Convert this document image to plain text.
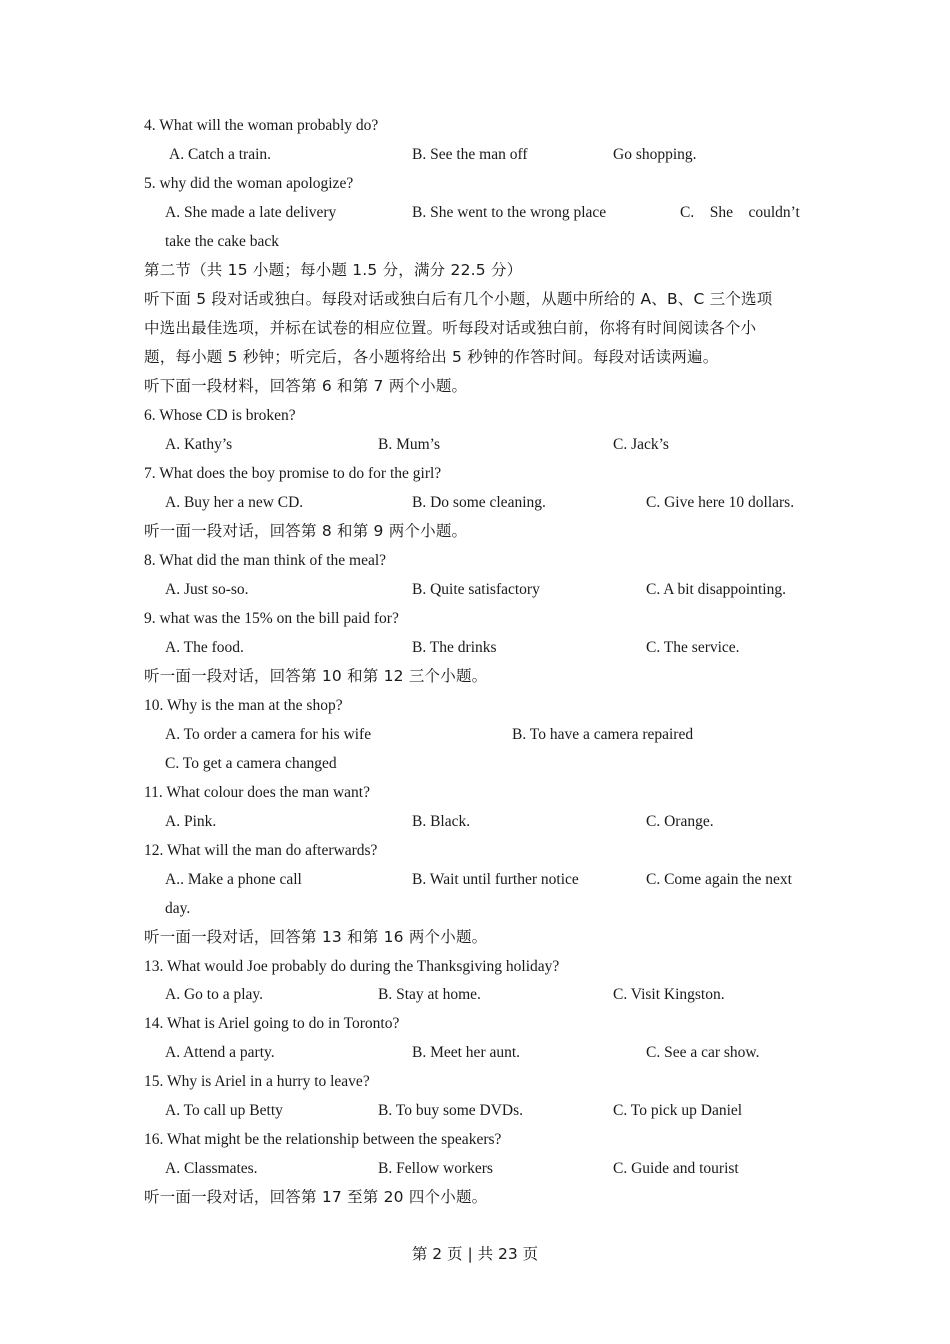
4. What will the woman probably do?
A. Catch a train.	B. See the man off	Go shopping.
5. why did the woman apologize?
A. She made a late delivery	B. She went to the wrong place	C.    She    couldn’t
take the cake back
第二节（共 15 小题；每小题 1.5 分，满分 22.5 分）
听下面 5 段对话或独白。每段对话或独白后有几个小题，从题中所给的 A、B、C 三个选项
中选出最佳选项，并标在试卷的相应位置。听每段对话或独白前，你将有时间阅读各个小
题，每小题 5 秒钟；听完后，各小题将给出 5 秒钟的作答时间。每段对话读两遍。
听下面一段材料，回答第 6 和第 7 两个小题。
6. Whose CD is broken?
A. Kathy’s	B. Mum’s	C. Jack’s
7. What does the boy promise to do for the girl?
A. Buy her a new CD.	B. Do some cleaning.	C. Give here 10 dollars.
听一面一段对话，回答第 8 和第 9 两个小题。
8. What did the man think of the meal?
A. Just so-so.	B. Quite satisfactory	C. A bit disappointing.
9. what was the 15% on the bill paid for?
A. The food.	B. The drinks	C. The service.
听一面一段对话，回答第 10 和第 12 三个小题。
10. Why is the man at the shop?
A. To order a camera for his wife	B. To have a camera repaired
C. To get a camera changed
11. What colour does the man want?
A. Pink.	B. Black.	C. Orange.
12. What will the man do afterwards?
A.. Make a phone call	B. Wait until further notice	C. Come again the next
day.
听一面一段对话，回答第 13 和第 16 两个小题。
13. What would Joe probably do during the Thanksgiving holiday?
A. Go to a play.	B. Stay at home.	C. Visit Kingston.
14. What is Ariel going to do in Toronto?
A. Attend a party.	B. Meet her aunt.	C. See a car show.
15. Why is Ariel in a hurry to leave?
A. To call up Betty	B. To buy some DVDs.	C. To pick up Daniel
16. What might be the relationship between the speakers?
A. Classmates.	B. Fellow workers	C. Guide and tourist
听一面一段对话，回答第 17 至第 20 四个小题。
第 2 页 | 共 23 页
